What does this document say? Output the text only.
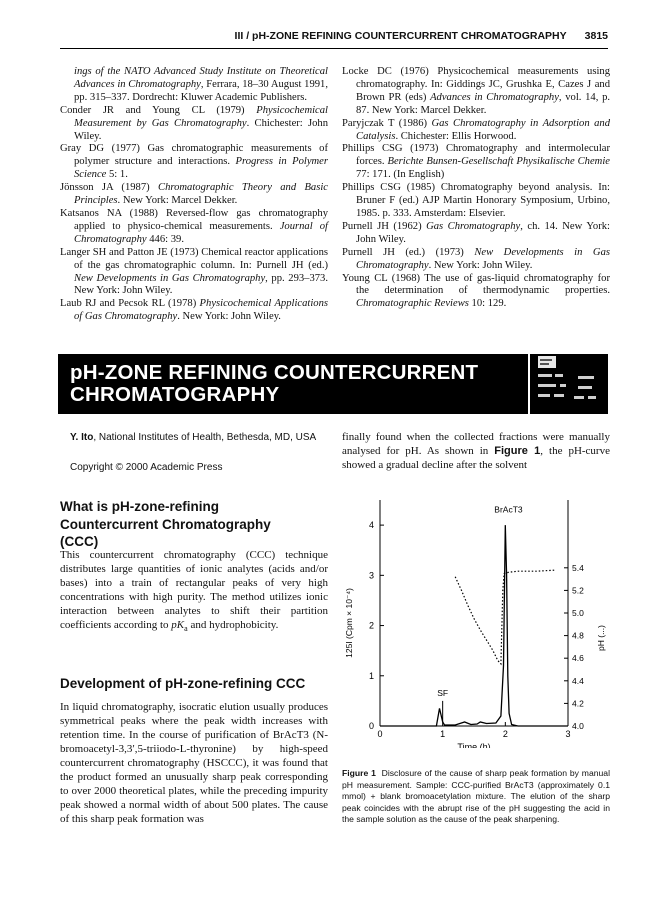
III / pH-ZONE REFINING COUNTERCURRENT CHROMATOGRAPHY 3815

ings of the NATO Advanced Study Institute on Theoretical Advances in Chromatography, Ferrara, 18–30 August 1991, pp. 315–337. Dordrecht: Kluwer Academic Publishers.

Conder JR and Young CL (1979) Physicochemical Measurement by Gas Chromatography. Chichester: John Wiley.

Gray DG (1977) Gas chromatographic measurements of polymer structure and interactions. Progress in Polymer Science 5: 1.

Jönsson JA (1987) Chromatographic Theory and Basic Principles. New York: Marcel Dekker.

Katsanos NA (1988) Reversed-flow gas chromatography applied to physico-chemical measurements. Journal of Chromatography 446: 39.

Langer SH and Patton JE (1973) Chemical reactor applications of the gas chromatographic column. In: Purnell JH (ed.) New Developments in Gas Chromatography, pp. 293–373. New York: John Wiley.

Laub RJ and Pecsok RL (1978) Physicochemical Applications of Gas Chromatography. New York: John Wiley.

Locke DC (1976) Physicochemical measurements using chromatography. In: Giddings JC, Grushka E, Cazes J and Brown PR (eds) Advances in Chromatography, vol. 14, p. 87. New York: Marcel Dekker.

Paryjczak T (1986) Gas Chromatography in Adsorption and Catalysis. Chichester: Ellis Horwood.

Phillips CSG (1973) Chromatography and intermolecular forces. Berichte Bunsen-Gesellschaft Physikalische Chemie 77: 171. (In English)

Phillips CSG (1985) Chromatography beyond analysis. In: Bruner F (ed.) AJP Martin Honorary Symposium, Urbino, 1985. p. 333. Amsterdam: Elsevier.

Purnell JH (1962) Gas Chromatography, ch. 14. New York: John Wiley.

Purnell JH (ed.) (1973) New Developments in Gas Chromatography. New York: John Wiley.

Young CL (1968) The use of gas-liquid chromatography for the determination of thermodynamic properties. Chromatographic Reviews 10: 129.

pH-ZONE REFINING COUNTERCURRENT
CHROMATOGRAPHY
Y. Ito, National Institutes of Health, Bethesda, MD, USA
Copyright © 2000 Academic Press
finally found when the collected fractions were manually analysed for pH. As shown in Figure 1, the pH-curve showed a gradual decline after the solvent
What is pH-zone-refining Countercurrent Chromatography (CCC)
This countercurrent chromatography (CCC) technique distributes large quantities of ionic analytes (acids and/or bases) into a train of rectangular peaks of very high concentrations with high purity. The method utilizes ionic interaction between analytes to shift their partition coefficients according to $pK_a$ and hydrophobicity.
Development of pH-zone-refining CCC
In liquid chromatography, isocratic elution usually produces symmetrical peaks where the peak width increases with retention time. In the course of purification of BrAcT3 (N-bromoacetyl-3,3′,5-triiodo-L-thyronine) by high-speed countercurrent chromatography (HSCCC), it was found that the product formed an unusually sharp peak corresponding to over 2000 theoretical plates, while the preceding impurity peak showed a normal width of about 500 plates. The cause of this sharp peak formation was
0	1	2	3
0
1
2
3
4
4.0
4.2
4.4
4.6
4.8
5.0
5.2
5.4
BrAcT3
SF
Time (h)
125I (Cpm × 10⁻⁴)	pH (...)
Figure 1 Disclosure of the cause of sharp peak formation by manual pH measurement. Sample: CCC-purified BrAcT3 (approximately 0.1 mmol) + blank bromoacetylation mixture. The elution of the sharp peak coincides with the abrupt rise of the pH suggesting the acid in the sample solution as the cause of the peak sharpening.
